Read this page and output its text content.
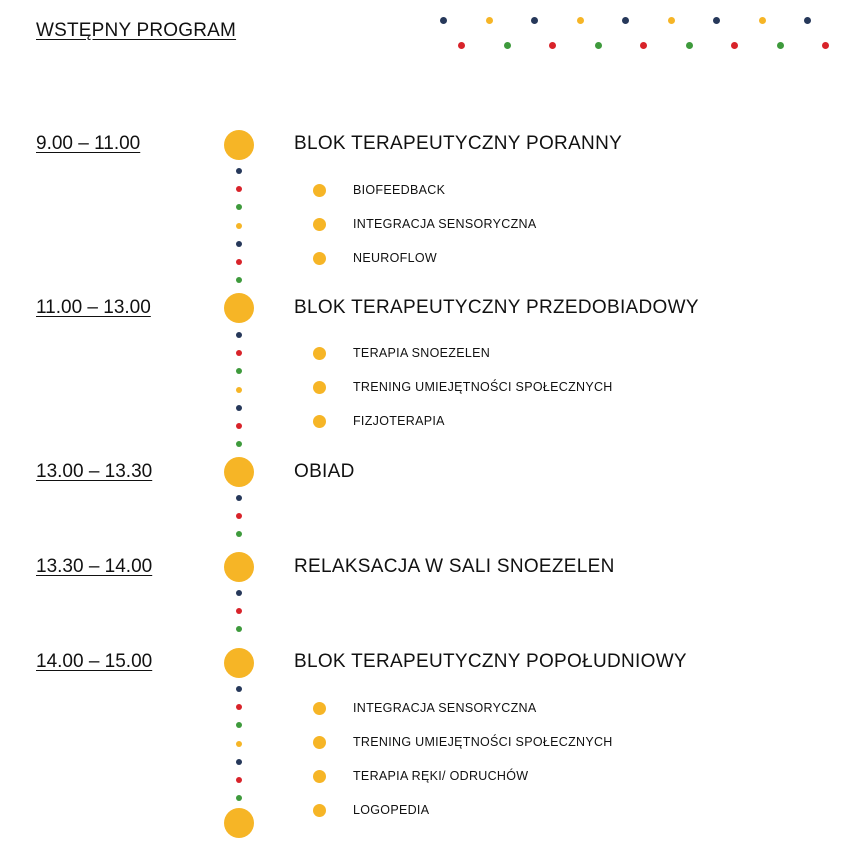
WSTĘPNY PROGRAM
9.00 – 11.00	BLOK TERAPEUTYCZNY PORANNY
BIOFEEDBACK
INTEGRACJA SENSORYCZNA
NEUROFLOW
11.00 – 13.00	BLOK TERAPEUTYCZNY PRZEDOBIADOWY
TERAPIA SNOEZELEN
TRENING UMIEJĘTNOŚCI SPOŁECZNYCH
FIZJOTERAPIA
13.00 – 13.30	OBIAD
13.30 – 14.00	RELAKSACJA W SALI SNOEZELEN
14.00 – 15.00	BLOK TERAPEUTYCZNY POPOŁUDNIOWY
INTEGRACJA SENSORYCZNA
TRENING UMIEJĘTNOŚCI SPOŁECZNYCH
TERAPIA RĘKI/ ODRUCHÓW
LOGOPEDIA
